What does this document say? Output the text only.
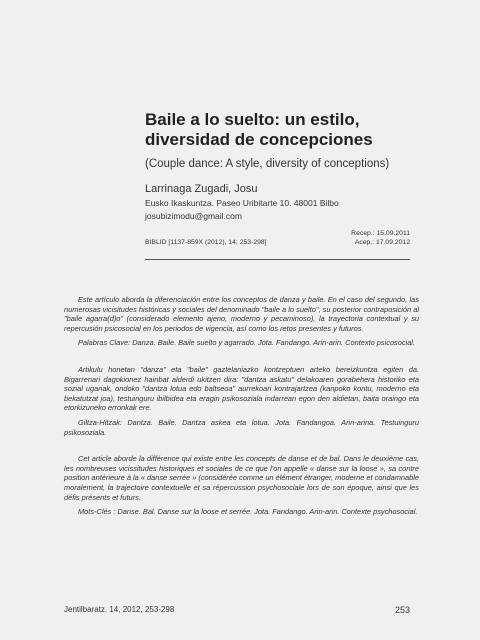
Baile a lo suelto: un estilo, diversidad de concepciones
(Couple dance: A style, diversity of conceptions)
Larrinaga Zugadi, Josu
Eusko Ikaskuntza. Paseo Uribitarte 10. 48001 Bilbo
josubizimodu@gmail.com
BIBLID [1137-859X (2012), 14; 253-298]
Recep.: 15.09.2011
Acep.: 17.09.2012

Este artículo aborda la diferenciación entre los conceptos de danza y baile. En el caso del segundo, las numerosas vicisitudes históricas y sociales del denominado "baile a lo suelto", su posterior contraposición al "baile agarra(d)o" (considerado elemento ajeno, moderno y pecaminoso), la trayectoria contextual y su repercusión psicosocial en los periodos de vigencia, así como los retos presentes y futuros.

Palabras Clave: Danza. Baile. Baile suelto y agarrado. Jota. Fandango. Arin-arin. Contexto psicosocial.

Artikulu honetan "danza" eta "baile" gaztelaniazko kontzeptuen arteko bereizkuntza egiten da. Bigarrenari dagokionez hainbat alderdi ukitzen dira: "dantza askatu" delakoaren gorabehera historiko eta sozial ugariak, ondoko "dantza lotua edo baltseoa" aurrekoari kontrajartzea (kanpoko kontu, moderno eta bekatutzat joa), testuinguru ibilbidea eta eragin psikosoziala indarrean egon den aldietan, baita oraingo eta etorkizuneko erronkak ere.

Giltza-Hitzak: Dantza. Baile. Dantza askea eta lotua. Jota. Fandangoa. Arin-arina. Testuinguru psikosoziala.

Cet article aborde la différence qui existe entre les concepts de danse et de bal. Dans le deuxième cas, les nombreuses vicissitudes historiques et sociales de ce que l'on appelle « danse sur la loose », sa contre position antérieure à la « danse serrée » (considérée comme un élément étranger, moderne et condamnable moralement, la trajectoire contextuelle et sa répercussion psychosociale lors de son époque, ainsi que les défis présents et futurs.

Mots-Clés : Danse. Bal. Danse sur la loose et serrée. Jota. Fandango. Arin-arin. Contexte psychosocial.

Jentilbaratz. 14, 2012, 253-298	253
